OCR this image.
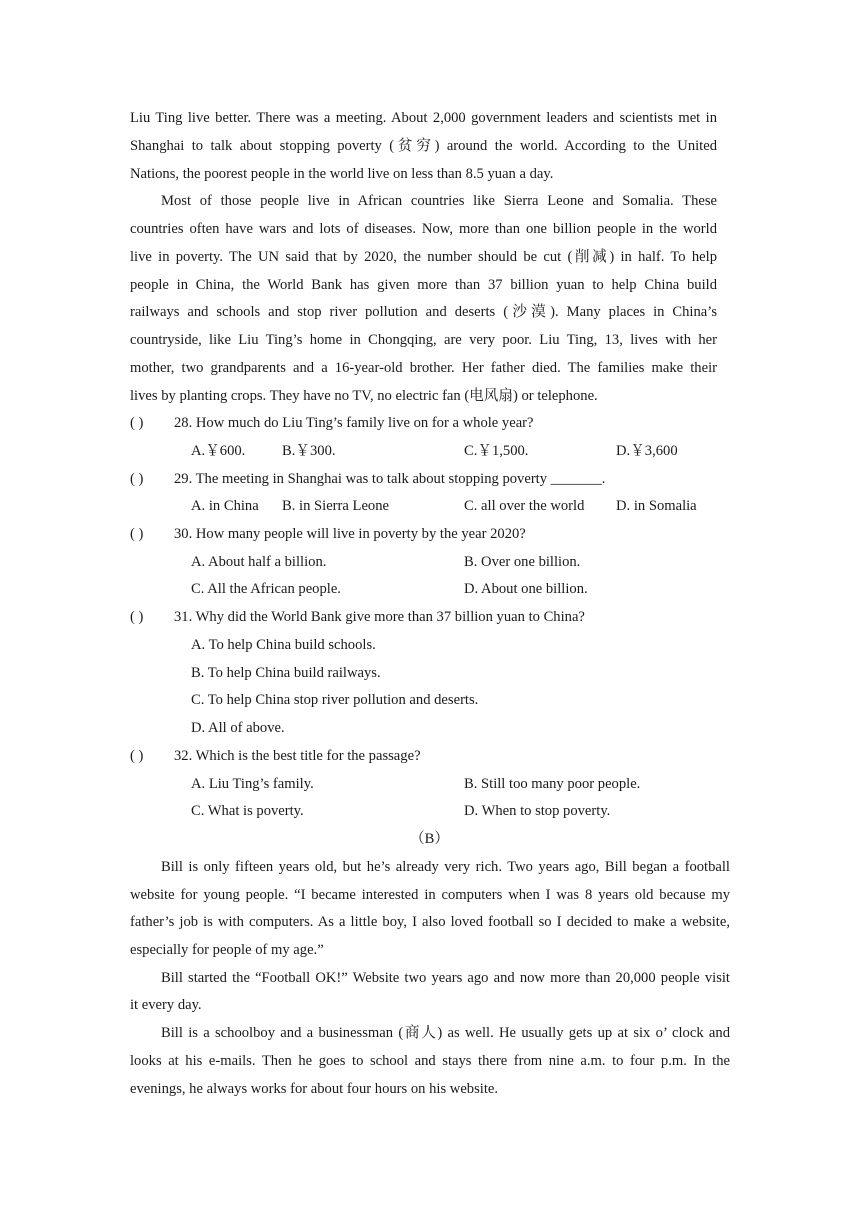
Liu Ting live better. There was a meeting. About 2,000 government leaders and scientists met in
Shanghai to talk about stopping poverty (贫穷) around the world. According to the United
Nations, the poorest people in the world live on less than 8.5 yuan a day.
Most of those people live in African countries like Sierra Leone and Somalia. These
countries often have wars and lots of diseases. Now, more than one billion people in the world
live in poverty. The UN said that by 2020, the number should be cut (削减) in half. To help
people in China, the World Bank has given more than 37 billion yuan to help China build
railways and schools and stop river pollution and deserts (沙漠). Many places in China’s
countryside, like Liu Ting’s home in Chongqing, are very poor. Liu Ting, 13, lives with her
mother, two grandparents and a 16-year-old brother. Her father died. The families make their
lives by planting crops. They have no TV, no electric fan (电风扇) or telephone.
( ) 28. How much do Liu Ting’s family live on for a whole year?
A.￥600.	B.￥300.	C.￥1,500.	D.￥3,600
( ) 29. The meeting in Shanghai was to talk about stopping poverty _______.
A. in China B. in Sierra Leone	C. all over the world D. in Somalia
( ) 30. How many people will live in poverty by the year 2020?
A. About half a billion.	B. Over one billion.
C. All the African people.	D. About one billion.
( ) 31. Why did the World Bank give more than 37 billion yuan to China?
A. To help China build schools.
B. To help China build railways.
C. To help China stop river pollution and deserts.
D. All of above.
( ) 32. Which is the best title for the passage?
A. Liu Ting’s family.	B. Still too many poor people.
C. What is poverty.	D. When to stop poverty.
（B）
Bill is only fifteen years old, but he’s already very rich. Two years ago, Bill began a football
website for young people. “I became interested in computers when I was 8 years old because my
father’s job is with computers. As a little boy, I also loved football so I decided to make a website,
especially for people of my age.”
Bill started the “Football OK!” Website two years ago and now more than 20,000 people visit
it every day.
Bill is a schoolboy and a businessman (商人) as well. He usually gets up at six o’ clock and
looks at his e-mails. Then he goes to school and stays there from nine a.m. to four p.m. In the
evenings, he always works for about four hours on his website.
